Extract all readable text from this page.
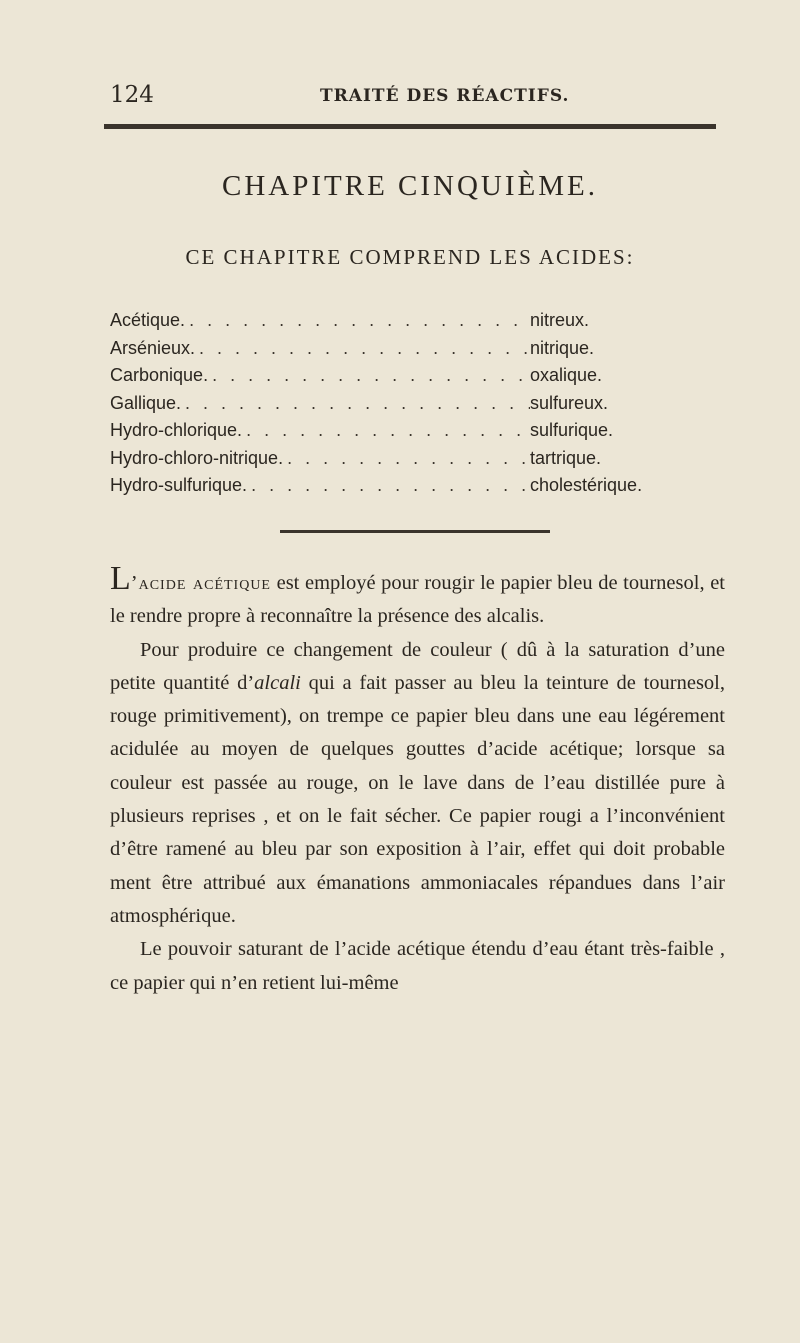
124	TRAITÉ DES RÉACTIFS.
CHAPITRE CINQUIÈME.
CE CHAPITRE COMPREND LES ACIDES:
Acétique. . . .	nitreux.
Arsénieux. . . .	nitrique.
Carbonique. . . .	oxalique.
Gallique. . . .	sulfureux.
Hydro-chlorique. . . .	sulfurique.
Hydro-chloro-nitrique. . . .	tartrique.
Hydro-sulfurique. . . .	cholestérique.

L’acide acétique est employé pour rougir le papier bleu de tournesol, et le rendre propre à reconnaître la présence des alcalis.

Pour produire ce changement de couleur ( dû à la saturation d’une petite quantité d’alcali qui a fait passer au bleu la teinture de tournesol, rouge primitivement), on trempe ce papier bleu dans une eau légérement acidulée au moyen de quelques gouttes d’acide acétique; lorsque sa couleur est passée au rouge, on le lave dans de l’eau distillée pure à plusieurs reprises , et on le fait sécher. Ce papier rougi a l’inconvénient d’être ramené au bleu par son exposition à l’air, effet qui doit probable ment être attribué aux émanations ammoniacales répandues dans l’air atmosphérique.

Le pouvoir saturant de l’acide acétique étendu d’eau étant très-faible , ce papier qui n’en retient lui-même
